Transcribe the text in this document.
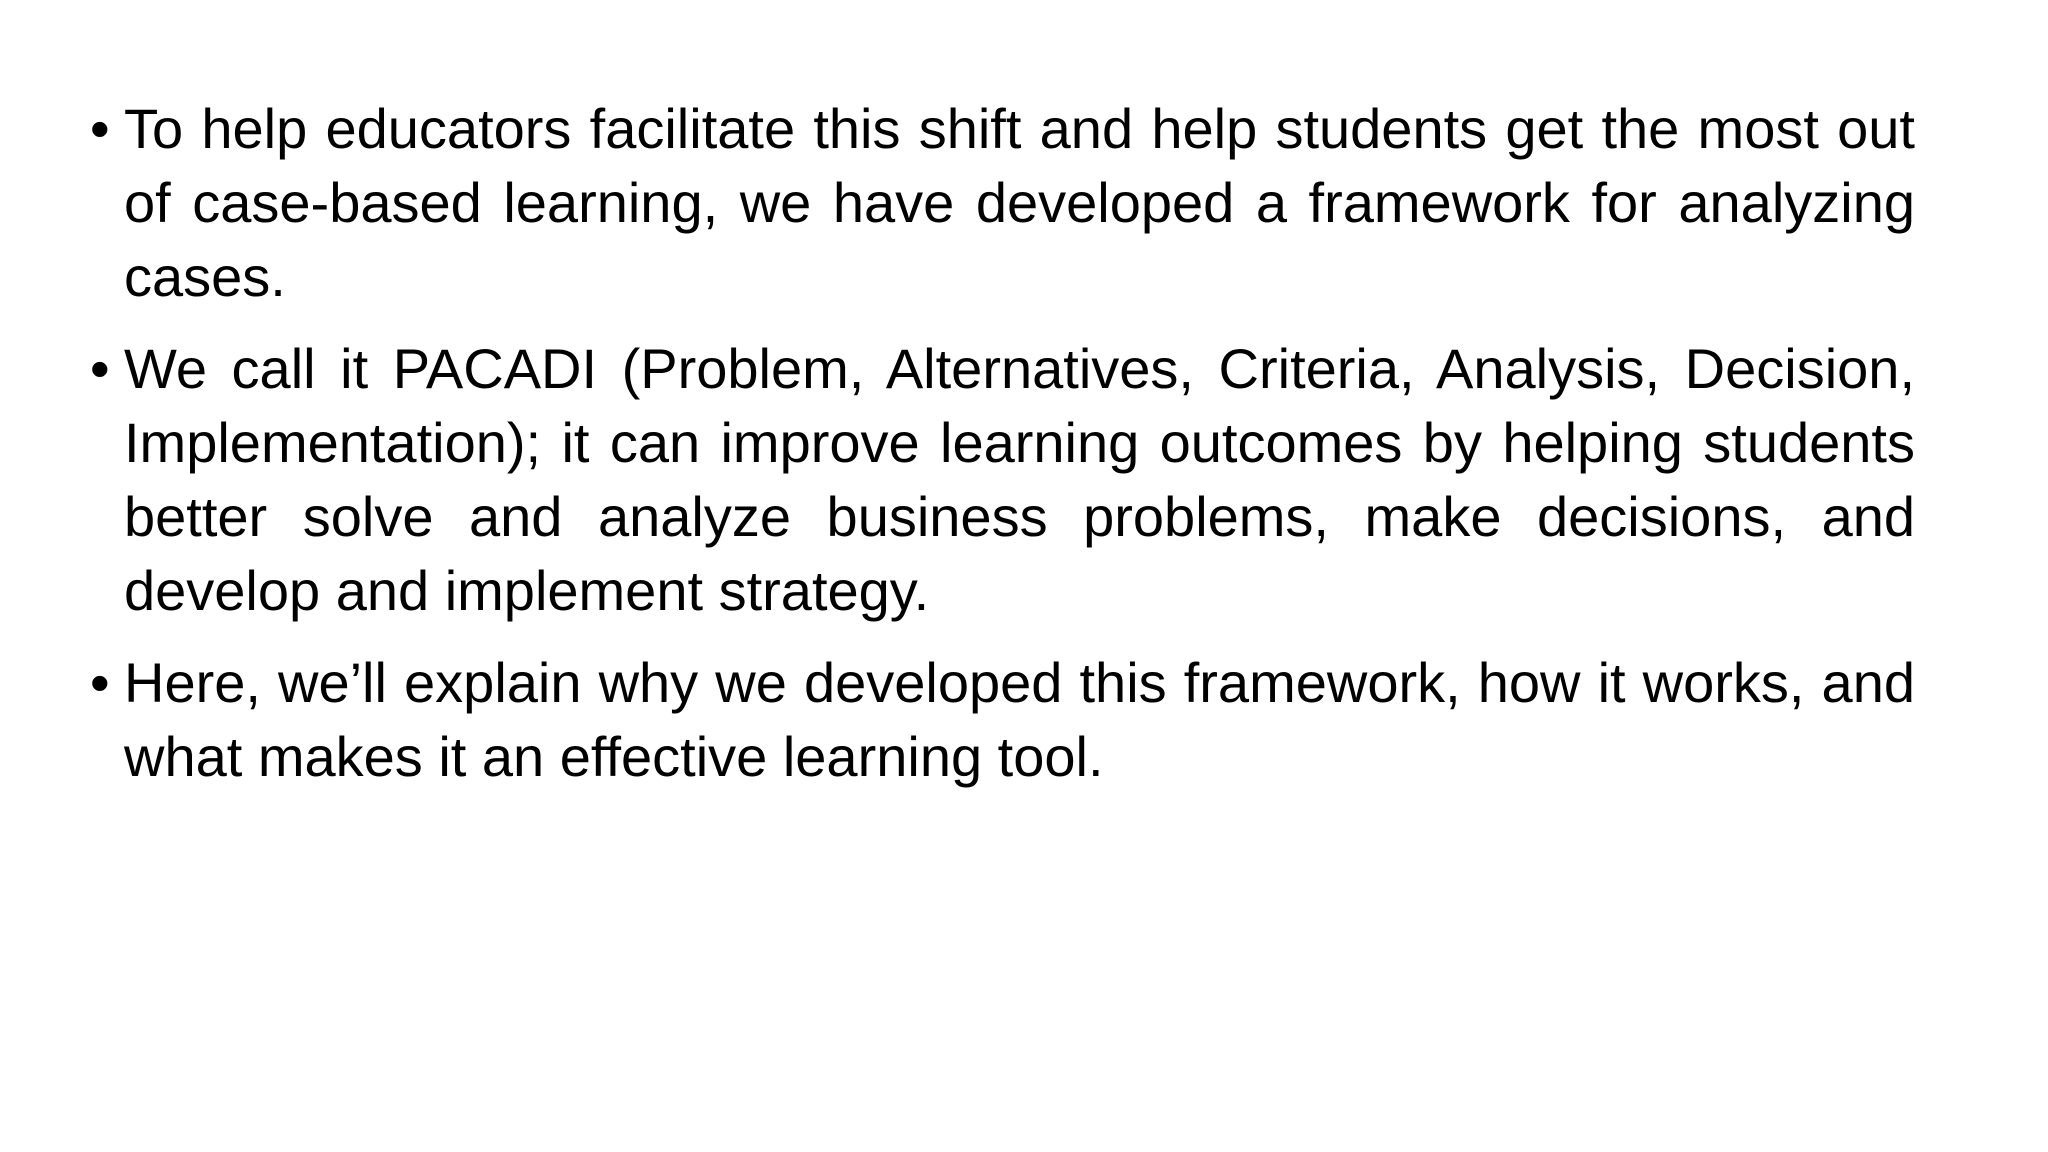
• To help educators facilitate this shift and help students get the most out of case-based learning, we have developed a framework for analyzing cases.
• We call it PACADI (Problem, Alternatives, Criteria, Analysis, Decision, Implementation); it can improve learning outcomes by helping students better solve and analyze business problems, make decisions, and develop and implement strategy.
• Here, we’ll explain why we developed this framework, how it works, and what makes it an effective learning tool.
